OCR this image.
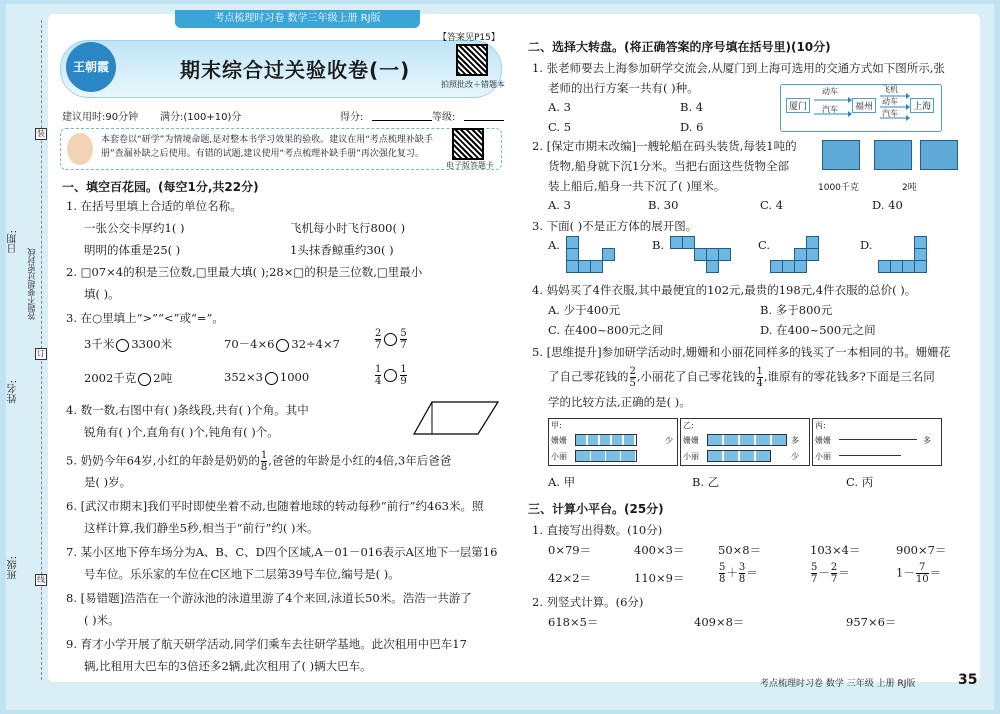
考点梳理时习卷 数学三年级上册 RJ版
日期:
答题不要超过密封线
姓名:
班级:
装
订
线
王朝霞	期末综合过关验收卷(一)
【答案见P15】
拍照批改＋错题本
建议用时:90分钟 满分:(100+10)分	得分:	等级:
本套卷以“研学”为情境命题,是对整本书学习效果的验收。建议在用“考点梳理补缺手
册”查漏补缺之后使用。有错的试题,建议使用“考点梳理补缺手册”再次强化复习。
电子版答题卡
一、填空百花园。(每空1分,共22分)
1. 在括号里填上合适的单位名称。
一张公交卡厚约1( )	飞机每小时飞行800( )
明明的体重是25( )	1头抹香鲸重约30( )
2. □07×4的积是三位数,□里最大填( );28×□的积是三位数,□里最小
填( )。
3. 在○里填上“>”“<”或“=”。
3千米 3300米	70－4×6 32÷4×7	$\frac{2}{7} \frac{5}{7}$
2002千克 2吨	352×3 1000	$\frac{1}{4} \frac{1}{9}$
4. 数一数,右图中有( )条线段,共有( )个角。其中
锐角有( )个,直角有( )个,钝角有( )个。
5. 奶奶今年64岁,小红的年龄是奶奶的 $\frac{1}{8}$ ,爸爸的年龄是小红的4倍,3年后爸爸
是( )岁。
6. [武汉市期末]我们平时即使坐着不动,也随着地球的转动每秒“前行”约463米。照
这样计算,我们静坐5秒,相当于“前行”约( )米。
7. 某小区地下停车场分为A、B、C、D四个区域,A－01－016表示A区地下一层第16
号车位。乐乐家的车位在C区地下二层第39号车位,编号是( )。
8. [易错题]浩浩在一个游泳池的泳道里游了4个来回,泳道长50米。浩浩一共游了
( )米。
9. 育才小学开展了航天研学活动,同学们乘车去往研学基地。此次租用中巴车17
辆,比租用大巴车的3倍还多2辆,此次租用了( )辆大巴车。
二、选择大转盘。(将正确答案的序号填在括号里)(10分)
1. 张老师要去上海参加研学交流会,从厦门到上海可选用的交通方式如下图所示,张
老师的出行方案一共有( )种。
A. 3	B. 4
C. 5	D. 6
厦门
动车
汽车	福州
飞机
动车
汽车
上海
2. [保定市期末改编]一艘轮船在码头装货,每装1吨的
货物,船身就下沉1分米。当把右面这些货物全部
装上船后,船身一共下沉了( )厘米。
A. 3	B. 30	C. 4	D. 40
1000千克	2吨
3. 下面( )不是正方体的展开图。
A.	B.	C.	D.
4. 妈妈买了4件衣服,其中最便宜的102元,最贵的198元,4件衣服的总价( )。
A. 少于400元	B. 多于800元
C. 在400~800元之间	D. 在400~500元之间
5. [思维提升]参加研学活动时,姗姗和小丽花同样多的钱买了一本相同的书。姗姗花
了自己零花钱的 $\frac{2}{5}$ ,小丽花了自己零花钱的 $\frac{1}{4}$ ,谁原有的零花钱多?下面是三名同
学的比较方法,正确的是( )。
甲:
姗姗
小丽
少
乙:
姗姗
小丽
多
少
丙:
姗姗
小丽
多
A. 甲	B. 乙	C. 丙
三、计算小平台。(25分)
1. 直接写出得数。(10分)
0×79＝	400×3＝	50×8＝	103×4＝	900×7＝
42×2＝	110×9＝	$\frac{5}{8} + \frac{3}{8}$ ＝	$\frac{5}{7} - \frac{2}{7}$ ＝	$1- \frac{7}{10}$ ＝
2. 列竖式计算。(6分)
618×5＝	409×8＝	957×6＝
考点梳理时习卷 数学 三年级 上册 RJ版	35
